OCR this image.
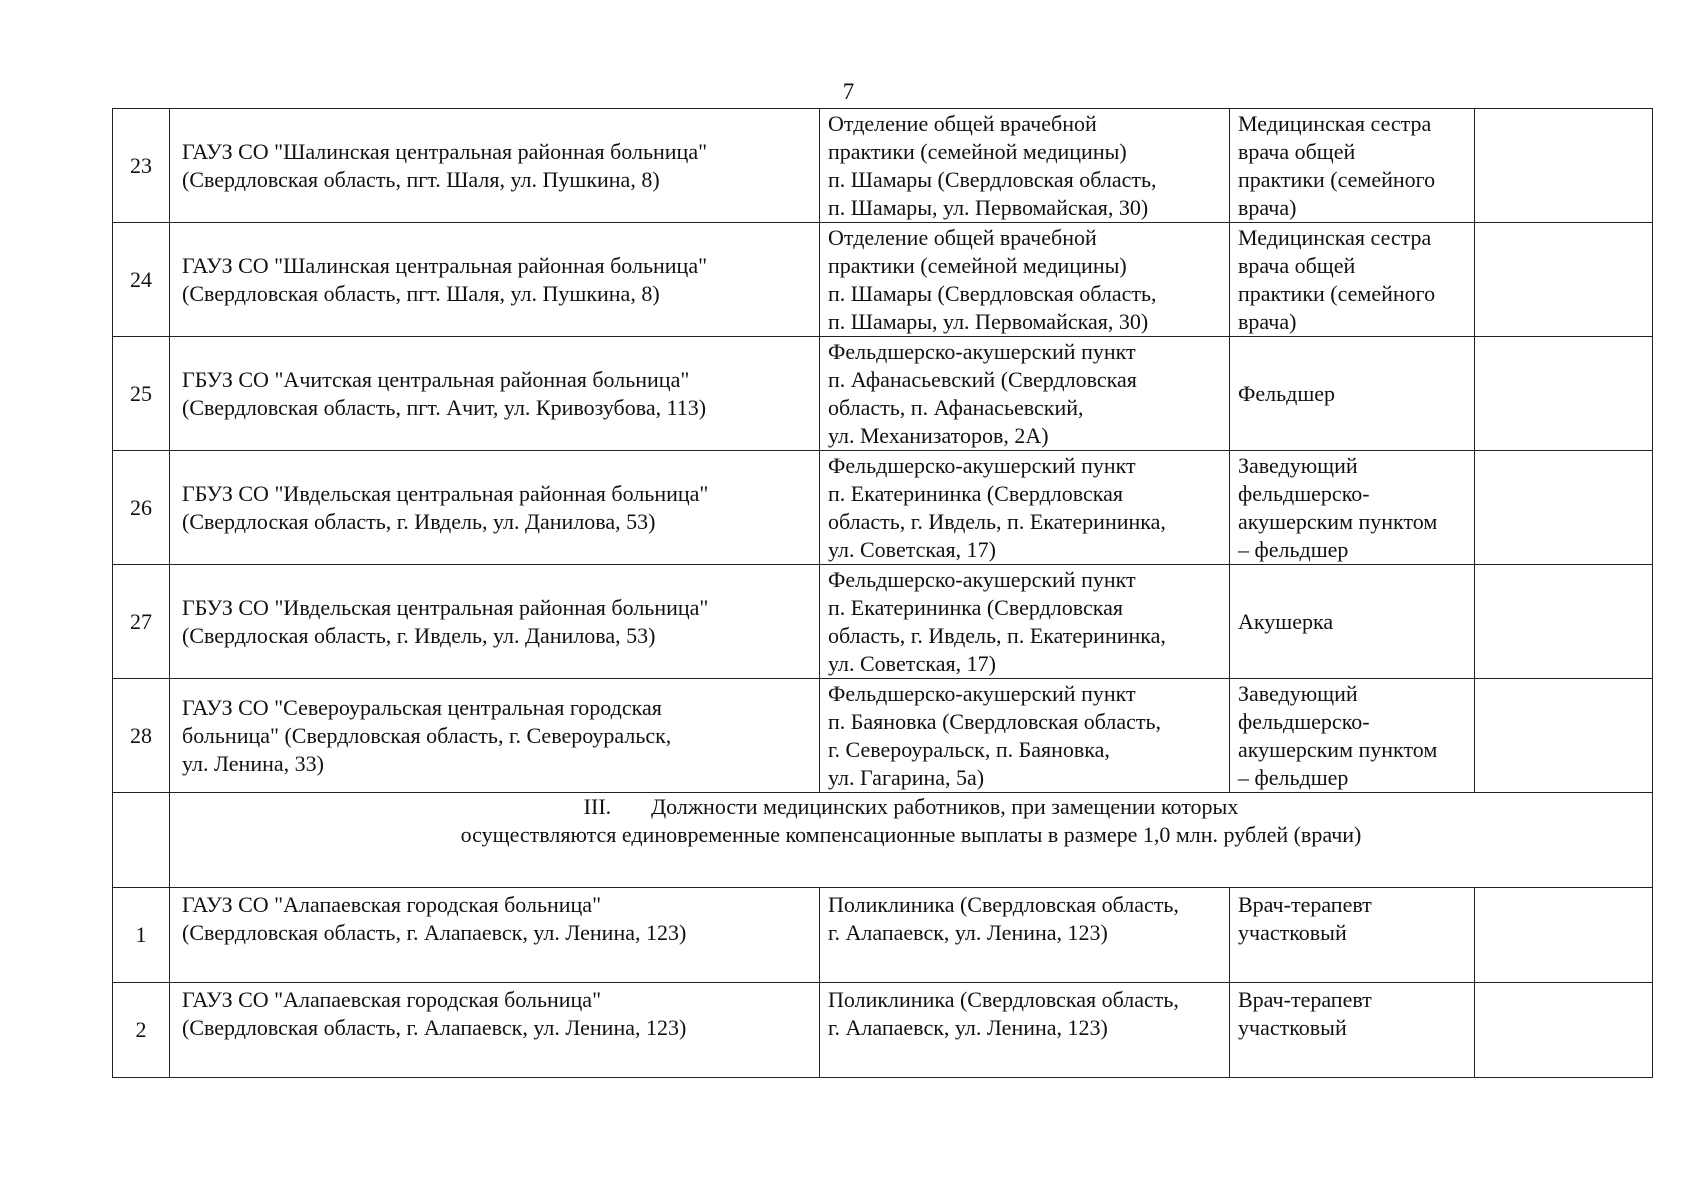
7
23	ГАУЗ СО "Шалинская центральная районная больница"
(Свердловская область, пгт. Шаля, ул. Пушкина, 8)	Отделение общей врачебной
практики (семейной медицины)
п. Шамары (Свердловская область,
п. Шамары, ул. Первомайская, 30)	Медицинская сестра
врача общей
практики (семейного
врача)	

24	ГАУЗ СО "Шалинская центральная районная больница"
(Свердловская область, пгт. Шаля, ул. Пушкина, 8)	Отделение общей врачебной
практики (семейной медицины)
п. Шамары (Свердловская область,
п. Шамары, ул. Первомайская, 30)	Медицинская сестра
врача общей
практики (семейного
врача)	

25	ГБУЗ СО "Ачитская центральная районная больница"
(Свердловская область, пгт. Ачит, ул. Кривозубова, 113)	Фельдшерско-акушерский пункт
п. Афанасьевский (Свердловская
область, п. Афанасьевский,
ул. Механизаторов, 2А)	Фельдшер	

26	ГБУЗ СО "Ивдельская центральная районная больница"
(Свердлоская область, г. Ивдель, ул. Данилова, 53)	Фельдшерско-акушерский пункт
п. Екатерининка (Свердловская
область, г. Ивдель, п. Екатерининка,
ул. Советская, 17)	Заведующий
фельдшерско-
акушерским пунктом
– фельдшер	

27	ГБУЗ СО "Ивдельская центральная районная больница"
(Свердлоская область, г. Ивдель, ул. Данилова, 53)	Фельдшерско-акушерский пункт
п. Екатерининка (Свердловская
область, г. Ивдель, п. Екатерининка,
ул. Советская, 17)	Акушерка	

28	ГАУЗ СО "Североуральская центральная городская
больница" (Свердловская область, г. Североуральск,
ул. Ленина, 33)	Фельдшерско-акушерский пункт
п. Баяновка (Свердловская область,
г. Североуральск, п. Баяновка,
ул. Гагарина, 5а)	Заведующий
фельдшерско-
акушерским пунктом
– фельдшер	

	III. Должности медицинских работников, при замещении которых
осуществляются единовременные компенсационные выплаты в размере 1,0 млн. рублей (врачи)			

1	ГАУЗ СО "Алапаевская городская больница"
(Свердловская область, г. Алапаевск, ул. Ленина, 123)	Поликлиника (Свердловская область,
г. Алапаевск, ул. Ленина, 123)	Врач-терапевт
участковый	

2	ГАУЗ СО "Алапаевская городская больница"
(Свердловская область, г. Алапаевск, ул. Ленина, 123)	Поликлиника (Свердловская область,
г. Алапаевск, ул. Ленина, 123)	Врач-терапевт
участковый	
